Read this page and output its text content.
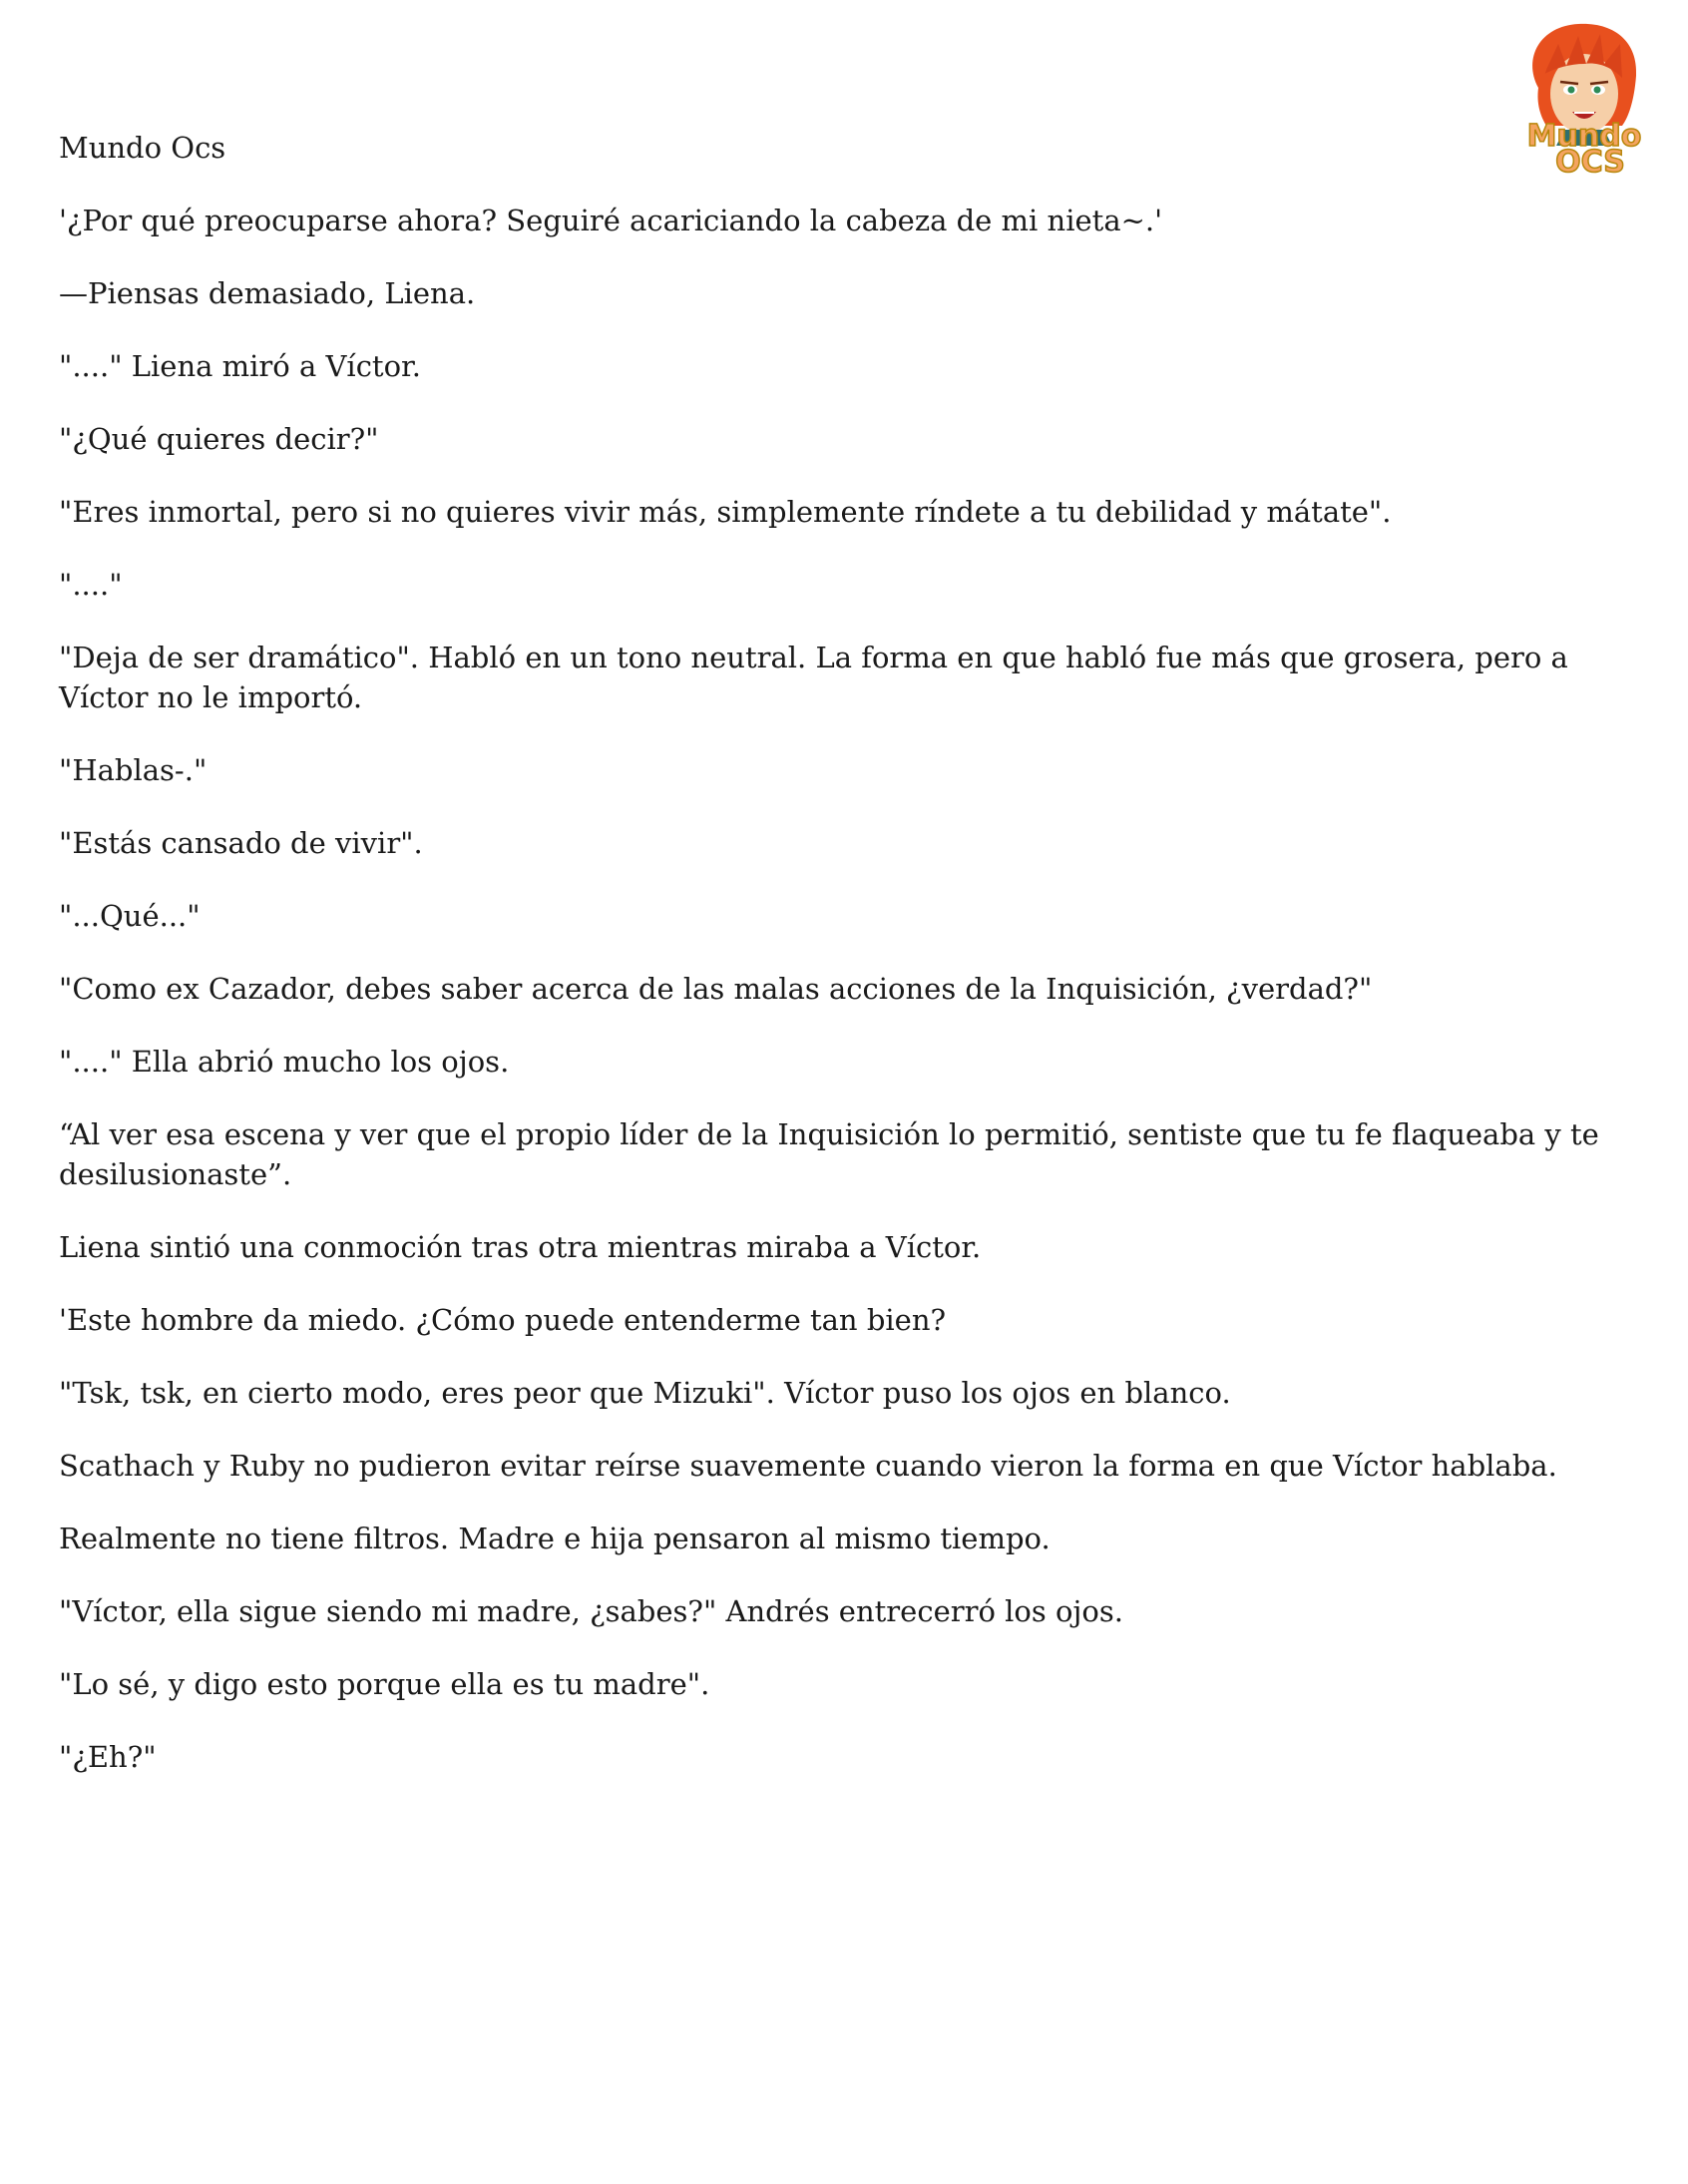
Mundo
OCS

Mundo Ocs

'¿Por qué preocuparse ahora? Seguiré acariciando la cabeza de mi nieta~.'

—Piensas demasiado, Liena.

"...." Liena miró a Víctor.

"¿Qué quieres decir?"

"Eres inmortal, pero si no quieres vivir más, simplemente ríndete a tu debilidad y mátate".

"...."

"Deja de ser dramático". Habló en un tono neutral. La forma en que habló fue más que grosera, pero a Víctor no le importó.

"Hablas-."

"Estás cansado de vivir".

"...Qué..."

"Como ex Cazador, debes saber acerca de las malas acciones de la Inquisición, ¿verdad?"

"...." Ella abrió mucho los ojos.

“Al ver esa escena y ver que el propio líder de la Inquisición lo permitió, sentiste que tu fe flaqueaba y te desilusionaste”.

Liena sintió una conmoción tras otra mientras miraba a Víctor.

'Este hombre da miedo. ¿Cómo puede entenderme tan bien?

"Tsk, tsk, en cierto modo, eres peor que Mizuki". Víctor puso los ojos en blanco.

Scathach y Ruby no pudieron evitar reírse suavemente cuando vieron la forma en que Víctor hablaba.

Realmente no tiene filtros. Madre e hija pensaron al mismo tiempo.

"Víctor, ella sigue siendo mi madre, ¿sabes?" Andrés entrecerró los ojos.

"Lo sé, y digo esto porque ella es tu madre".

"¿Eh?"
